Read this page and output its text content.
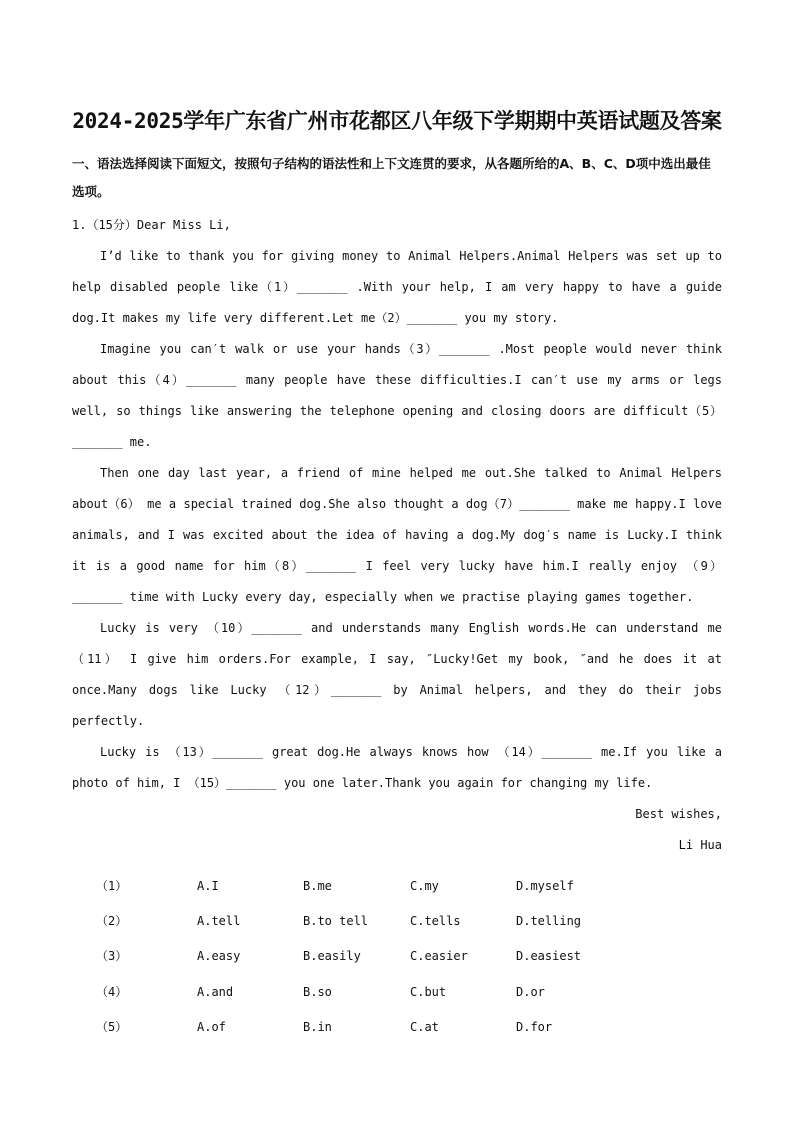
2024-2025学年广东省广州市花都区八年级下学期期中英语试题及答案
一、语法选择阅读下面短文，按照句子结构的语法性和上下文连贯的要求，从各题所给的A、B、C、D项中选出最佳选项。
1.（15分）Dear Miss Li,

I’d like to thank you for giving money to Animal Helpers.Animal Helpers was set up to help disabled people like（1）_______ .With your help, I am very happy to have a guide dog.It makes my life very different.Let me（2）_______ you my story.

Imagine you can′t walk or use your hands（3）_______ .Most people would never think about this（4）_______ many people have these difficulties.I can′t use my arms or legs well, so things like answering the telephone opening and closing doors are difficult（5）_______ me.

Then one day last year, a friend of mine helped me out.She talked to Animal Helpers about（6） me a special trained dog.She also thought a dog（7）_______ make me happy.I love animals, and I was excited about the idea of having a dog.My dog′s name is Lucky.I think it is a good name for him（8）_______ I feel very lucky have him.I really enjoy （9）_______ time with Lucky every day, especially when we practise playing games together.

Lucky is very （10）_______ and understands many English words.He can understand me （11） I give him orders.For example, I say, ″Lucky!Get my book, ″and he does it at once.Many dogs like Lucky （12）_______ by Animal helpers, and they do their jobs perfectly.

Lucky is （13）_______ great dog.He always knows how （14）_______ me.If you like a photo of him, I （15）_______ you one later.Thank you again for changing my life.

Best wishes,
Li Hua
（1）	A.I	B.me	C.my	D.myself
（2）	A.tell	B.to tell	C.tells	D.telling
（3）	A.easy	B.easily	C.easier	D.easiest
（4）	A.and	B.so	C.but	D.or
（5）	A.of	B.in	C.at	D.for
